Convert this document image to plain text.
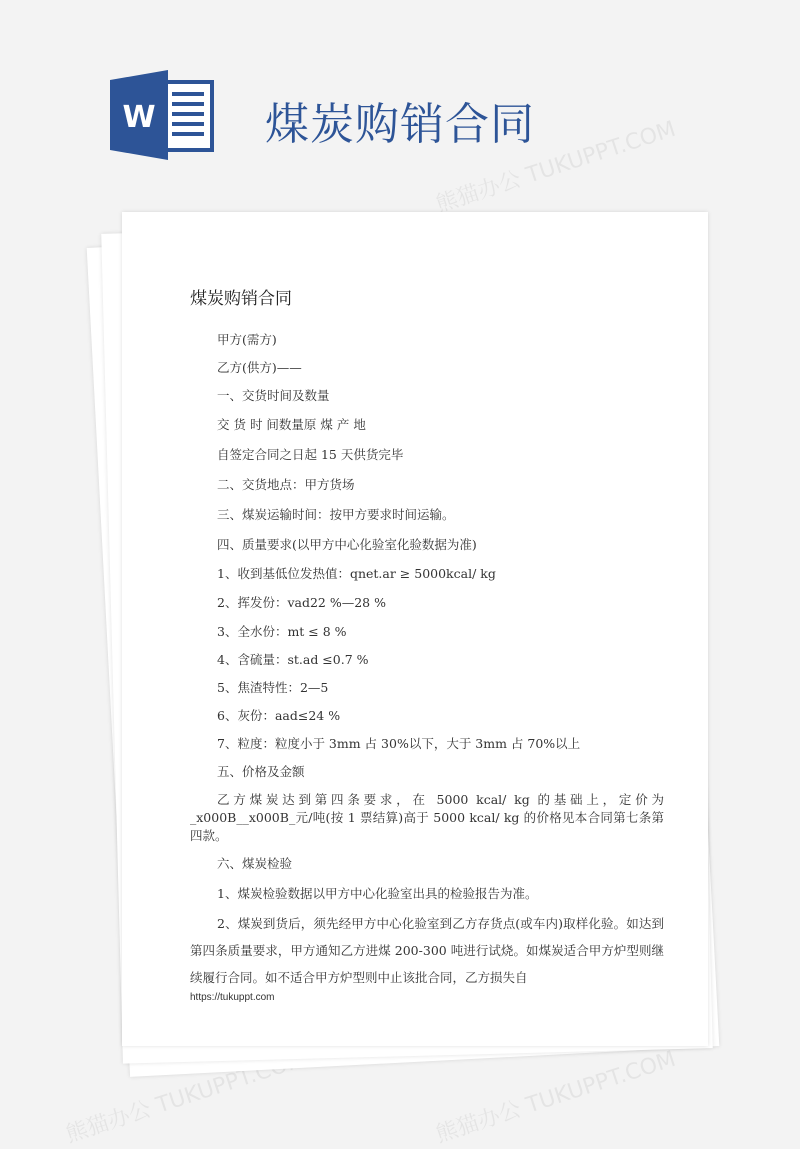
熊猫办公 TUKUPPT.COM
熊猫办公 TUKUPPT.COM	熊猫办公 TUKUPPT.COM
W 煤炭购销合同
煤炭购销合同
甲方(需方)
乙方(供方)——
一、交货时间及数量
交 货 时 间数量原 煤 产 地
自签定合同之日起 15 天供货完毕
二、交货地点：甲方货场
三、煤炭运输时间：按甲方要求时间运输。
四、质量要求(以甲方中心化验室化验数据为准)
1、收到基低位发热值：qnet.ar ≥ 5000kcal/ kg
2、挥发份：vad22 %—28 %
3、全水份：mt ≤ 8 %
4、含硫量：st.ad ≤0.7 %
5、焦渣特性：2—5
6、灰份：aad≤24 %
7、粒度：粒度小于 3mm 占 30%以下，大于 3mm 占 70%以上
五、价格及金额
乙方煤炭达到第四条要求，在 5000 kcal/ kg 的基础上，定价为_x000B__x000B_元/吨(按 1 票结算)高于 5000 kcal/ kg 的价格见本合同第七条第四款。
六、煤炭检验
1、煤炭检验数据以甲方中心化验室出具的检验报告为准。
2、煤炭到货后，须先经甲方中心化验室到乙方存货点(或车内)取样化验。如达到第四条质量要求，甲方通知乙方进煤 200-300 吨进行试烧。如煤炭适合甲方炉型则继续履行合同。如不适合甲方炉型则中止该批合同，乙方损失自
https://tukuppt.com
